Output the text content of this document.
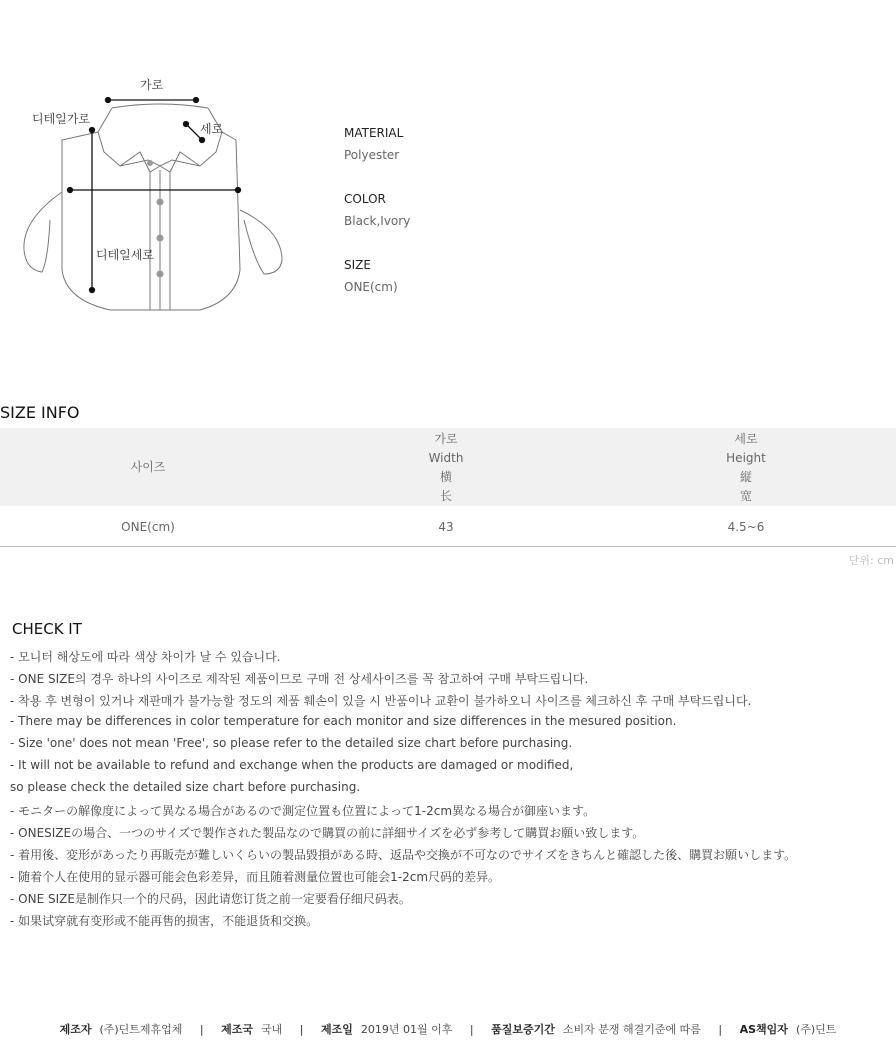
가로
세로
디테일가로
디테일세로
MATERIAL
Polyester
COLOR
Black,Ivory
SIZE
ONE(cm)
SIZE INFO
사이즈
가로
Width
横
长
세로
Height
縦
宽
ONE(cm)	43	4.5~6
단위: cm
CHECK IT
- 모니터 해상도에 따라 색상 차이가 날 수 있습니다.
- ONE SIZE의 경우 하나의 사이즈로 제작된 제품이므로 구매 전 상세사이즈를 꼭 참고하여 구매 부탁드립니다.
- 착용 후 변형이 있거나 재판매가 불가능할 정도의 제품 훼손이 있을 시 반품이나 교환이 불가하오니 사이즈를 체크하신 후 구매 부탁드립니다.
- There may be differences in color temperature for each monitor and size differences in the mesured position.
- Size 'one' does not mean 'Free', so please refer to the detailed size chart before purchasing.
- It will not be available to refund and exchange when the products are damaged or modified,
so please check the detailed size chart before purchasing.
- モニターの解像度によって異なる場合があるので測定位置も位置によって1-2cm異なる場合が御座います。
- ONESIZEの場合、一つのサイズで製作された製品なので購買の前に詳細サイズを必ず参考して購買お願い致します。
- 着用後、変形があったり再販売が難しいくらいの製品毀損がある時、返品や交換が不可なのでサイズをきちんと確認した後、購買お願いします。
- 随着个人在使用的显示器可能会色彩差异，而且随着测量位置也可能会1-2cm尺码的差异。
- ONE SIZE是制作只一个的尺码，因此请您订货之前一定要看仔细尺码表。
- 如果试穿就有变形或不能再售的损害，不能退货和交换。
제조자 (주)딘트제휴업체 | 제조국 국내 | 제조일 2019년 01월 이후 | 품질보증기간 소비자 분쟁 해결기준에 따름 | AS책임자 (주)딘트
